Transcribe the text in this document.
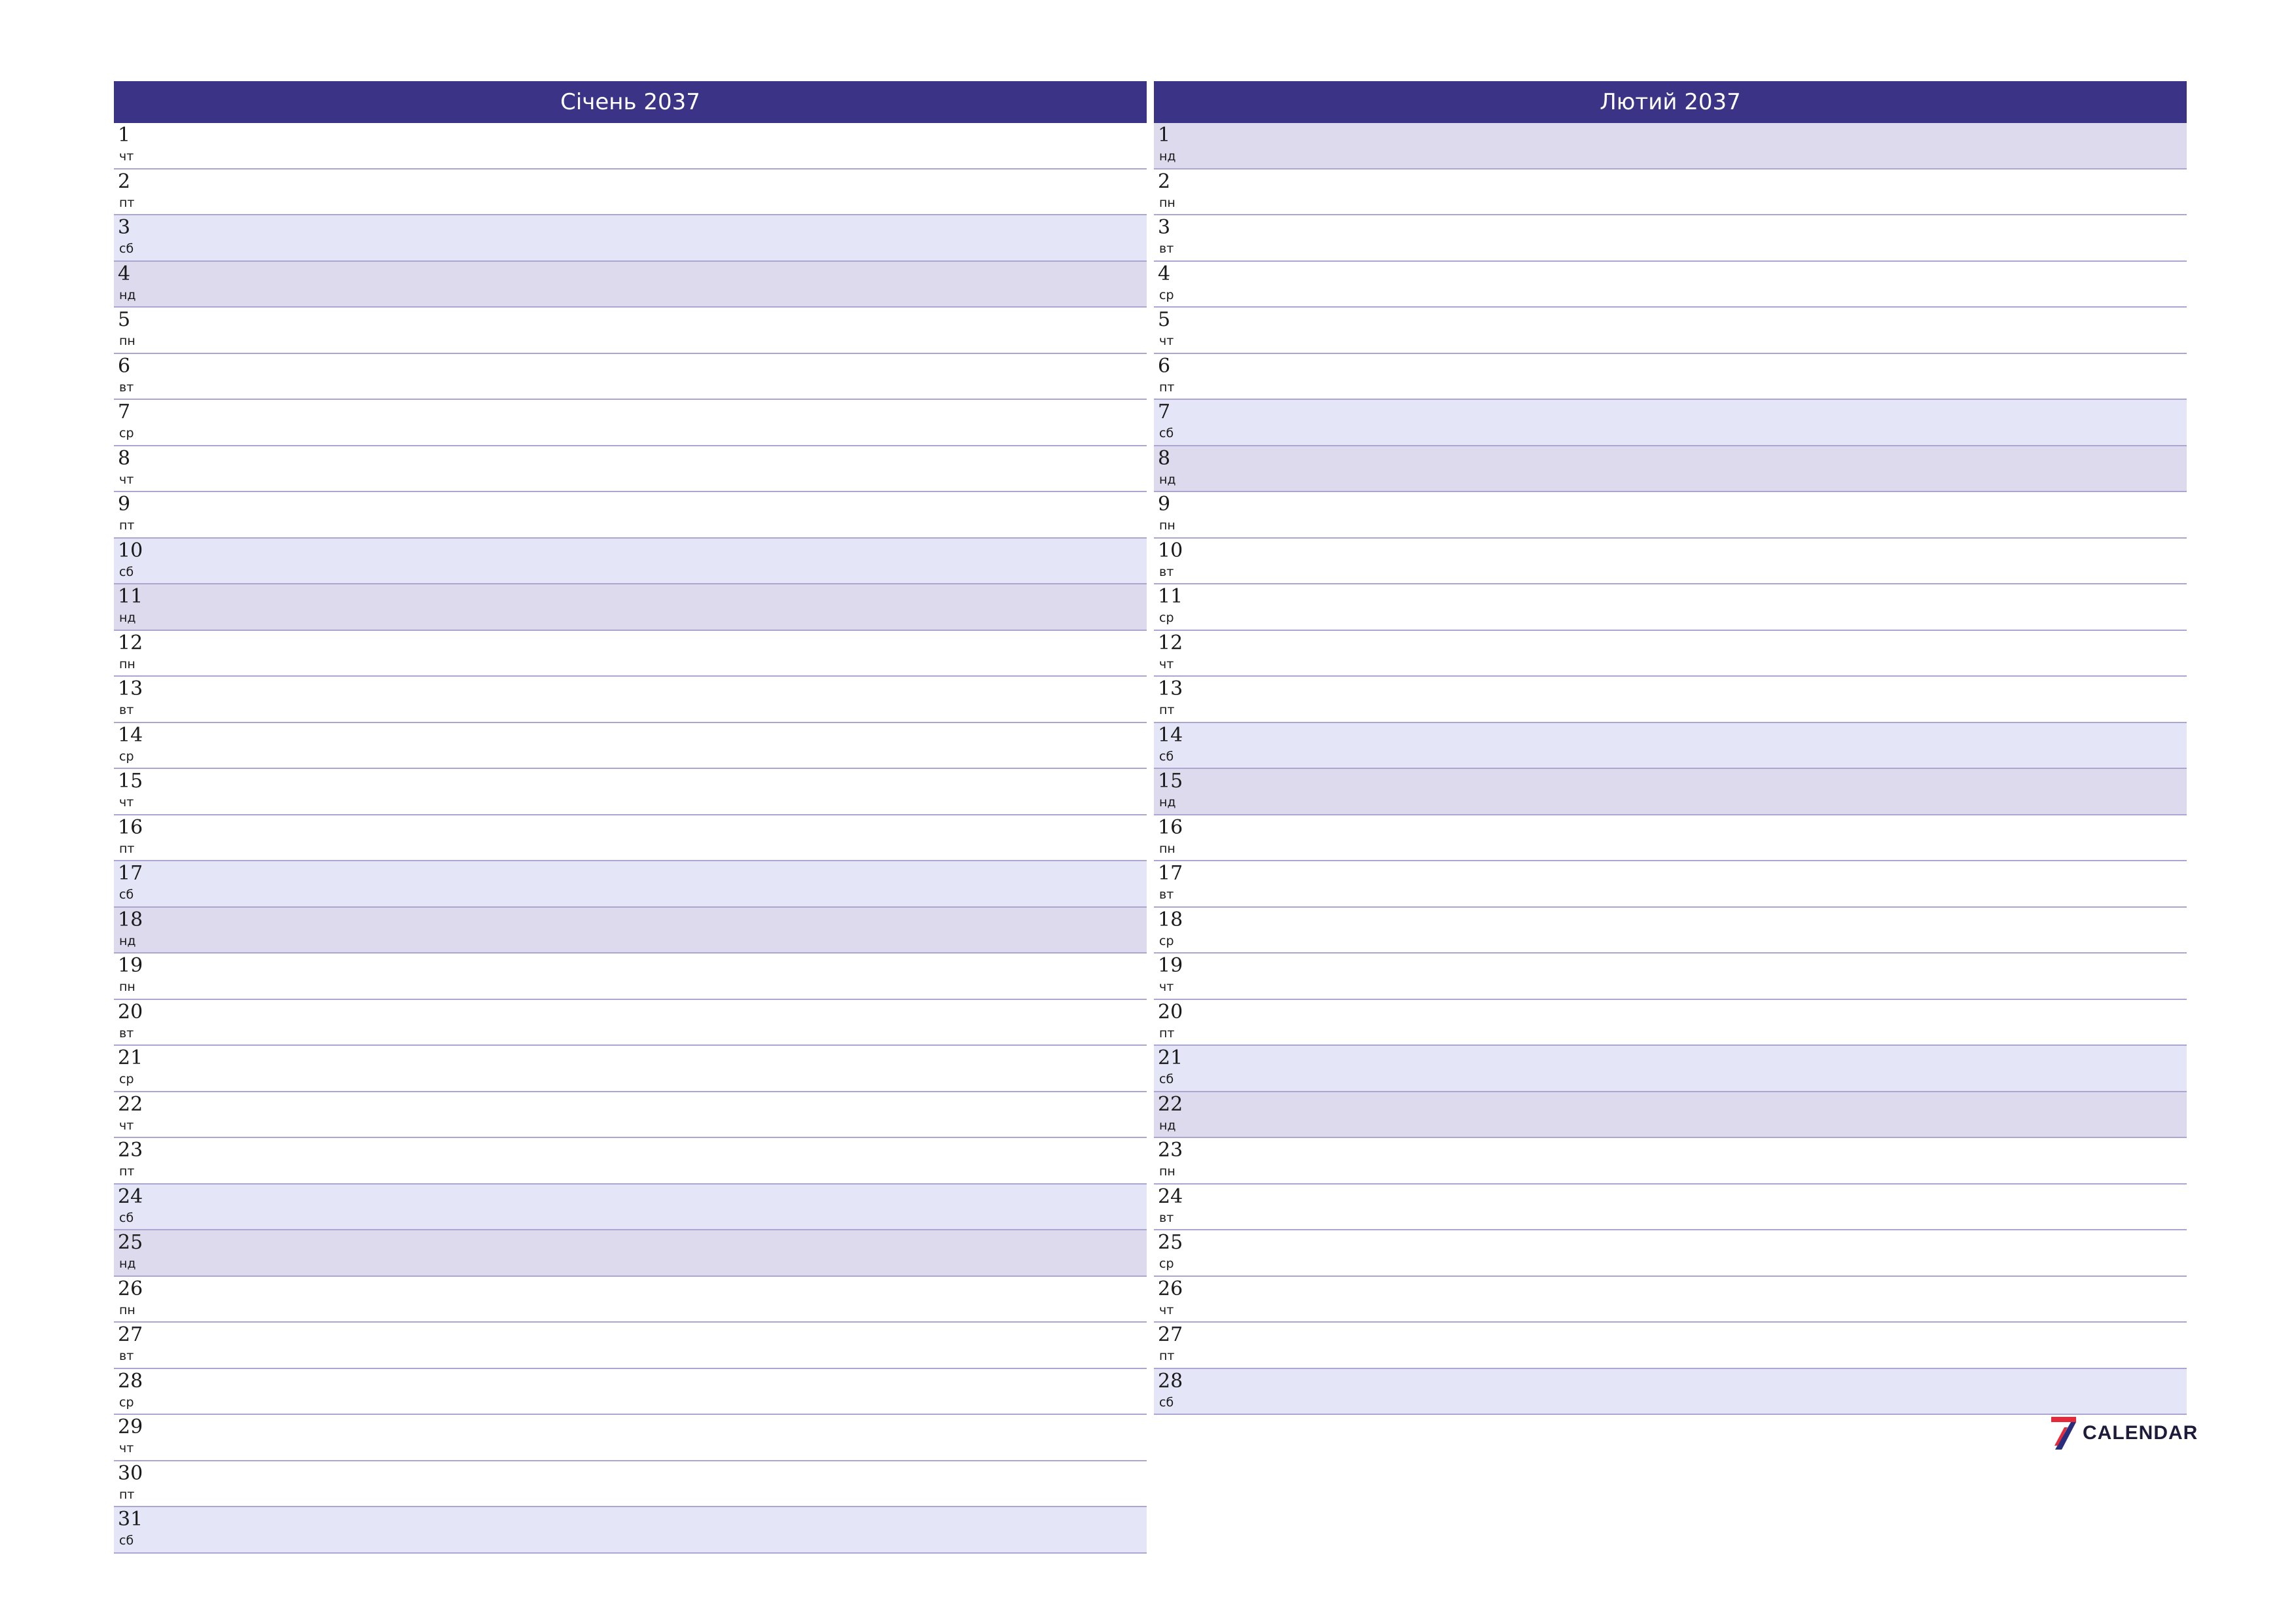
Січень 2037
1
чт
2
пт
3
сб
4
нд
5
пн
6
вт
7
ср
8
чт
9
пт
10
сб
11
нд
12
пн
13
вт
14
ср
15
чт
16
пт
17
сб
18
нд
19
пн
20
вт
21
ср
22
чт
23
пт
24
сб
25
нд
26
пн
27
вт
28
ср
29
чт
30
пт
31
сб
Лютий 2037
1
нд
2
пн
3
вт
4
ср
5
чт
6
пт
7
сб
8
нд
9
пн
10
вт
11
ср
12
чт
13
пт
14
сб
15
нд
16
пн
17
вт
18
ср
19
чт
20
пт
21
сб
22
нд
23
пн
24
вт
25
ср
26
чт
27
пт
28
сб
CALENDAR
